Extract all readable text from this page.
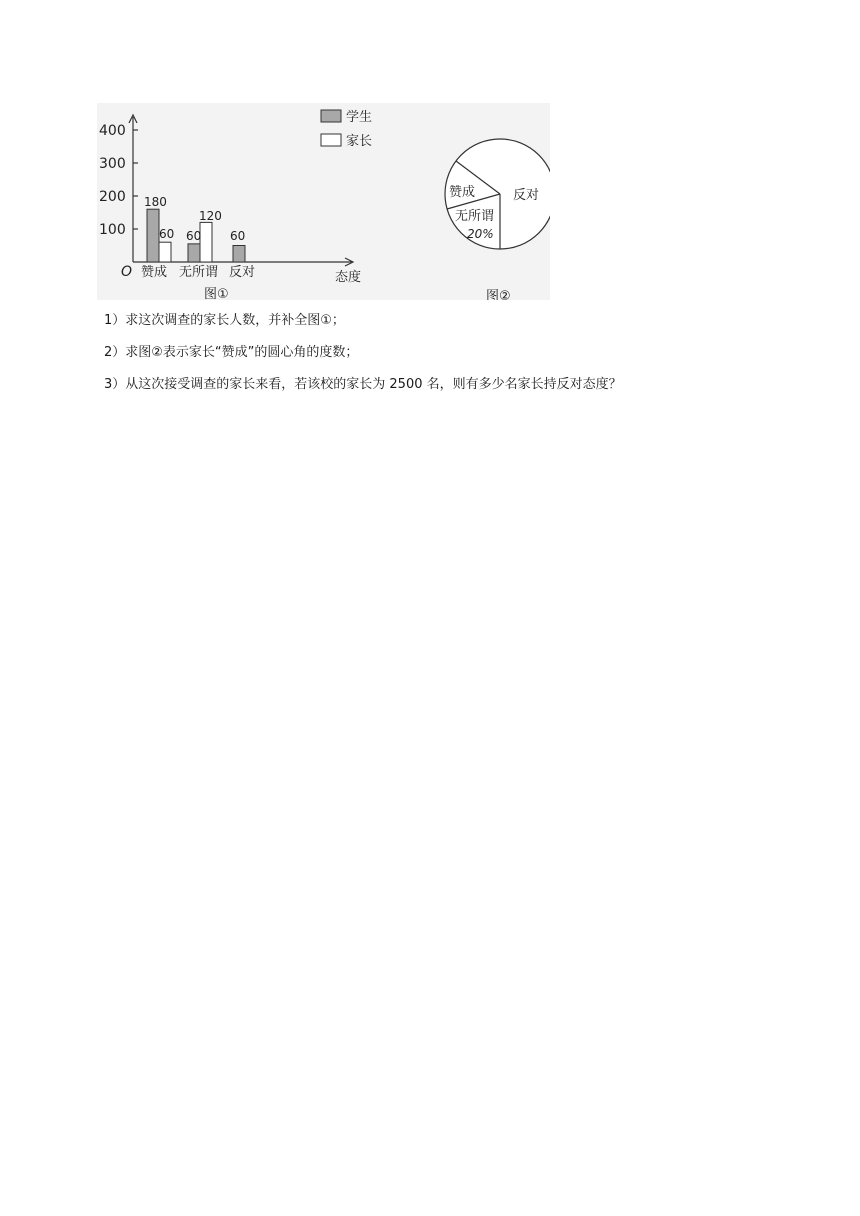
100
200
300
400
180
60 60
60
120
赞成 无所谓 反对
O	态度
学生
家长
图①
赞成
无所谓
20%
反对
图②

1）求这次调查的家长人数，并补全图①；

2）求图②表示家长“赞成”的圆心角的度数；

3）从这次接受调查的家长来看，若该校的家长为 2500 名，则有多少名家长持反对态度？
